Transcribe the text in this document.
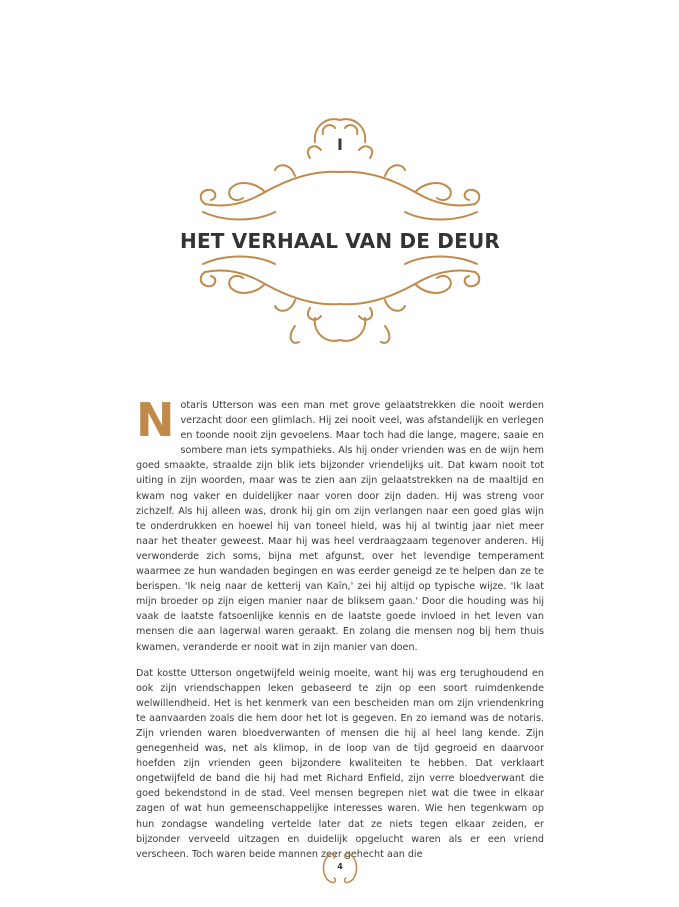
I
HET VERHAAL VAN DE DEUR

Notaris Utterson was een man met grove gelaatstrekken die nooit werden verzacht door een glimlach. Hij zei nooit veel, was afstandelijk en verlegen en toonde nooit zijn gevoelens. Maar toch had die lange, magere, saaie en sombere man iets sympathieks. Als hij onder vrienden was en de wijn hem goed smaakte, straalde zijn blik iets bijzonder vriendelijks uit. Dat kwam nooit tot uiting in zijn woorden, maar was te zien aan zijn gelaatstrekken na de maaltijd en kwam nog vaker en duidelijker naar voren door zijn daden. Hij was streng voor zichzelf. Als hij alleen was, dronk hij gin om zijn verlangen naar een goed glas wijn te onderdrukken en hoewel hij van toneel hield, was hij al twintig jaar niet meer naar het theater geweest. Maar hij was heel verdraagzaam tegenover anderen. Hij verwonderde zich soms, bijna met afgunst, over het levendige temperament waarmee ze hun wandaden begingen en was eerder geneigd ze te helpen dan ze te berispen. 'Ik neig naar de ketterij van Kaïn,' zei hij altijd op typische wijze. 'Ik laat mijn broeder op zijn eigen manier naar de bliksem gaan.' Door die houding was hij vaak de laatste fatsoenlijke kennis en de laatste goede invloed in het leven van mensen die aan lagerwal waren geraakt. En zolang die mensen nog bij hem thuis kwamen, veranderde er nooit wat in zijn manier van doen.

Dat kostte Utterson ongetwijfeld weinig moeite, want hij was erg terughoudend en ook zijn vriendschappen leken gebaseerd te zijn op een soort ruimdenkende welwillendheid. Het is het kenmerk van een bescheiden man om zijn vriendenkring te aanvaarden zoals die hem door het lot is gegeven. En zo iemand was de notaris. Zijn vrienden waren bloedverwanten of mensen die hij al heel lang kende. Zijn genegenheid was, net als klimop, in de loop van de tijd gegroeid en daarvoor hoefden zijn vrienden geen bijzondere kwaliteiten te hebben. Dat verklaart ongetwijfeld de band die hij had met Richard Enfield, zijn verre bloedverwant die goed bekendstond in de stad. Veel mensen begrepen niet wat die twee in elkaar zagen of wat hun gemeenschappelijke interesses waren. Wie hen tegenkwam op hun zondagse wandeling vertelde later dat ze niets tegen elkaar zeiden, er bijzonder verveeld uitzagen en duidelijk opgelucht waren als er een vriend verscheen. Toch waren beide mannen zeer gehecht aan die

4
